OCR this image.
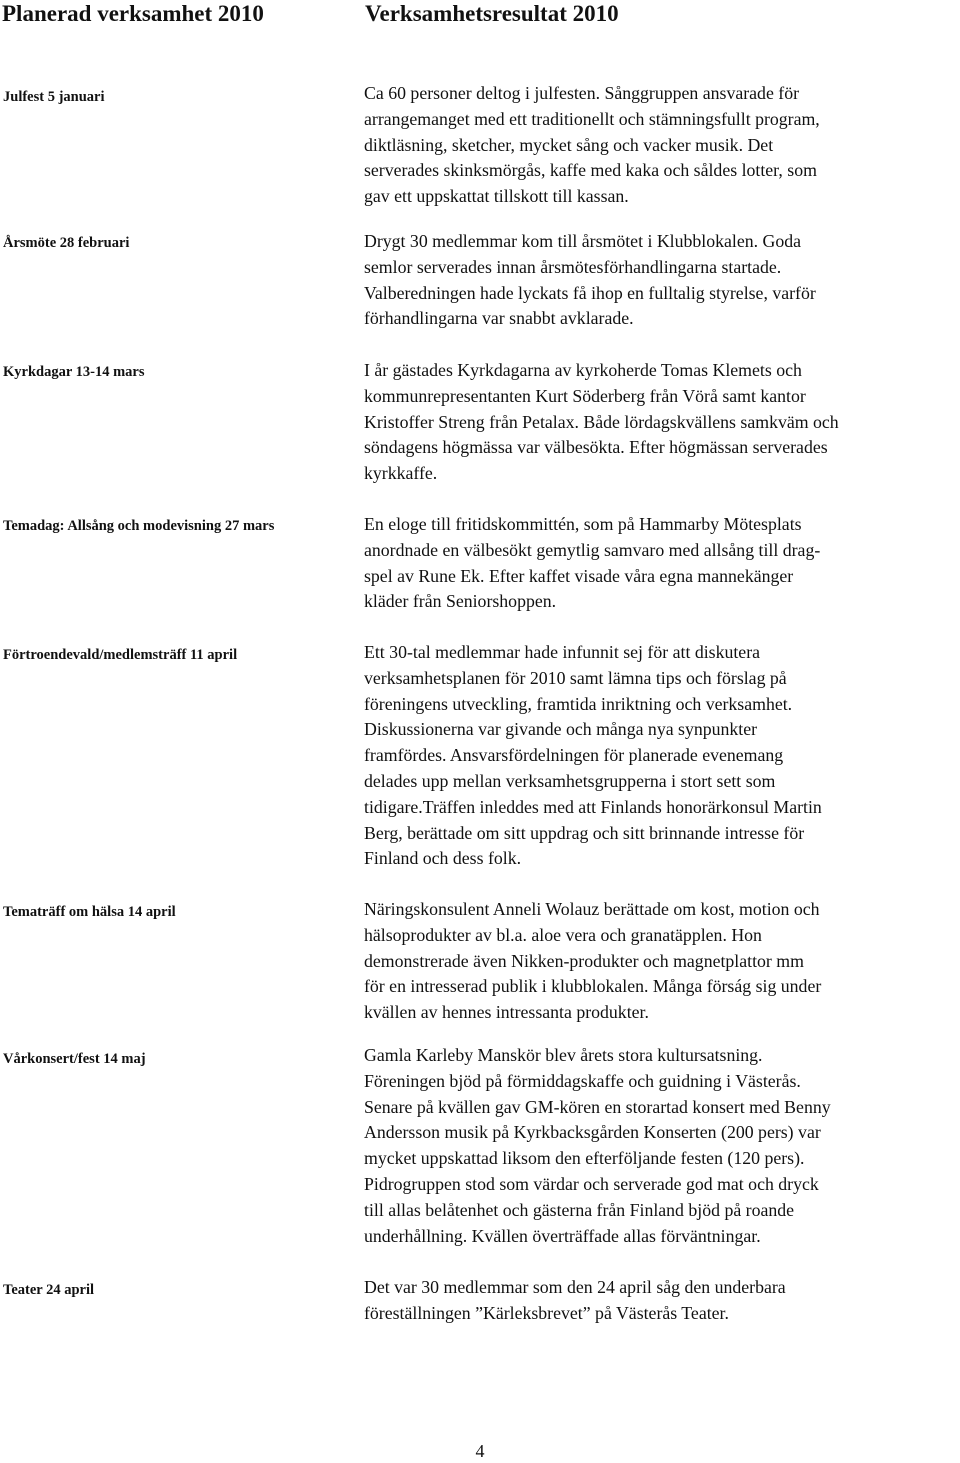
Planerad verksamhet 2010	Verksamhetsresultat 2010
Julfest 5 januari	Ca 60 personer deltog i julfesten. Sånggruppen ansvarade för
arrangemanget med ett traditionellt och stämningsfullt program,
diktläsning, sketcher, mycket sång och vacker musik. Det
serverades skinksmörgås, kaffe med kaka och såldes lotter, som
gav ett uppskattat tillskott till kassan.

Årsmöte 28 februari	Drygt 30 medlemmar kom till årsmötet i Klubblokalen. Goda
semlor serverades innan årsmötesförhandlingarna startade.
Valberedningen hade lyckats få ihop en fulltalig styrelse, varför
förhandlingarna var snabbt avklarade.

Kyrkdagar 13-14 mars	I år gästades Kyrkdagarna av kyrkoherde Tomas Klemets och
kommunrepresentanten Kurt Söderberg från Vörå samt kantor
Kristoffer Streng från Petalax. Både lördagskvällens samkväm och
söndagens högmässa var välbesökta. Efter högmässan serverades
kyrkkaffe.

Temadag: Allsång och modevisning 27 mars	En eloge till fritidskommittén, som på Hammarby Mötesplats
anordnade en välbesökt gemytlig samvaro med allsång till drag-
spel av Rune Ek. Efter kaffet visade våra egna mannekänger
kläder från Seniorshoppen.

Förtroendevald/medlemsträff 11 april	Ett 30-tal medlemmar hade infunnit sej för att diskutera
verksamhetsplanen för 2010 samt lämna tips och förslag på
föreningens utveckling, framtida inriktning och verksamhet.
Diskussionerna var givande och många nya synpunkter
framfördes. Ansvarsfördelningen för planerade evenemang
delades upp mellan verksamhetsgrupperna i stort sett som
tidigare.Träffen inleddes med att Finlands honorärkonsul Martin
Berg, berättade om sitt uppdrag och sitt brinnande intresse för
Finland och dess folk.

Tematräff om hälsa 14 april	Näringskonsulent Anneli Wolauz berättade om kost, motion och
hälsoprodukter av bl.a. aloe vera och granatäpplen. Hon
demonstrerade även Nikken-produkter och magnetplattor mm
för en intresserad publik i klubblokalen. Många förság sig under
kvällen av hennes intressanta produkter.

Vårkonsert/fest 14 maj	Gamla Karleby Manskör blev årets stora kultursatsning.
Föreningen bjöd på förmiddagskaffe och guidning i Västerås.
Senare på kvällen gav GM-kören en storartad konsert med Benny
Andersson musik på Kyrkbacksgården Konserten (200 pers) var
mycket uppskattad liksom den efterföljande festen (120 pers).
Pidrogruppen stod som värdar och serverade god mat och dryck
till allas belåtenhet och gästerna från Finland bjöd på roande
underhållning. Kvällen överträffade allas förväntningar.

Teater 24 april	Det var 30 medlemmar som den 24 april såg den underbara
föreställningen ”Kärleksbrevet” på Västerås Teater.

4
